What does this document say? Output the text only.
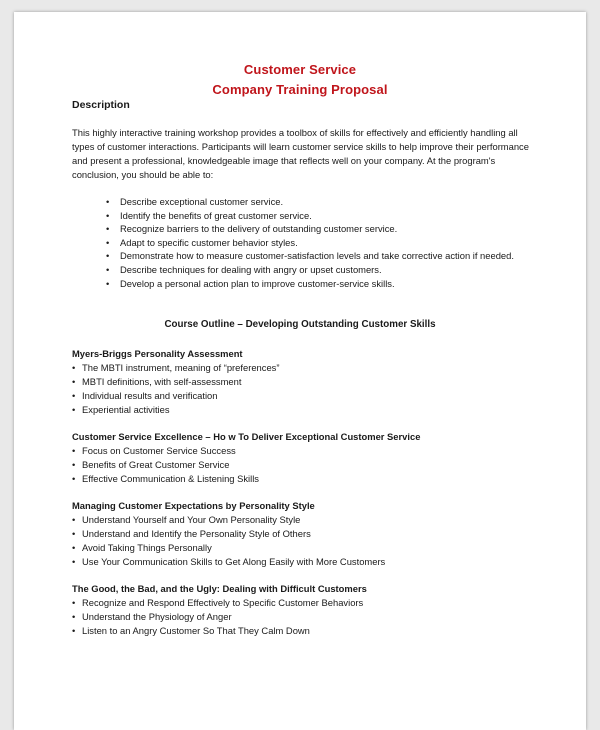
Customer Service
Company Training Proposal
Description
This highly interactive training workshop provides a toolbox of skills for effectively and efficiently handling all types of customer interactions. Participants will learn customer service skills to help improve their performance and present a professional, knowledgeable image that reflects well on your company. At the program's conclusion, you should be able to:
• Describe exceptional customer service.
• Identify the benefits of great customer service.
• Recognize barriers to the delivery of outstanding customer service.
• Adapt to specific customer behavior styles.
• Demonstrate how to measure customer-satisfaction levels and take corrective action if needed.
• Describe techniques for dealing with angry or upset customers.
• Develop a personal action plan to improve customer-service skills.
Course Outline – Developing Outstanding Customer Skills
Myers-Briggs Personality Assessment
• The MBTI instrument, meaning of “preferences”
• MBTI definitions, with self-assessment
• Individual results and verification
• Experiential activities
Customer Service Excellence – Ho w To Deliver Exceptional Customer Service
• Focus on Customer Service Success
• Benefits of Great Customer Service
• Effective Communication & Listening Skills
Managing Customer Expectations by Personality Style
• Understand Yourself and Your Own Personality Style
• Understand and Identify the Personality Style of Others
• Avoid Taking Things Personally
• Use Your Communication Skills to Get Along Easily with More Customers
The Good, the Bad, and the Ugly: Dealing with Difficult Customers
• Recognize and Respond Effectively to Specific Customer Behaviors
• Understand the Physiology of Anger
• Listen to an Angry Customer So That They Calm Down
